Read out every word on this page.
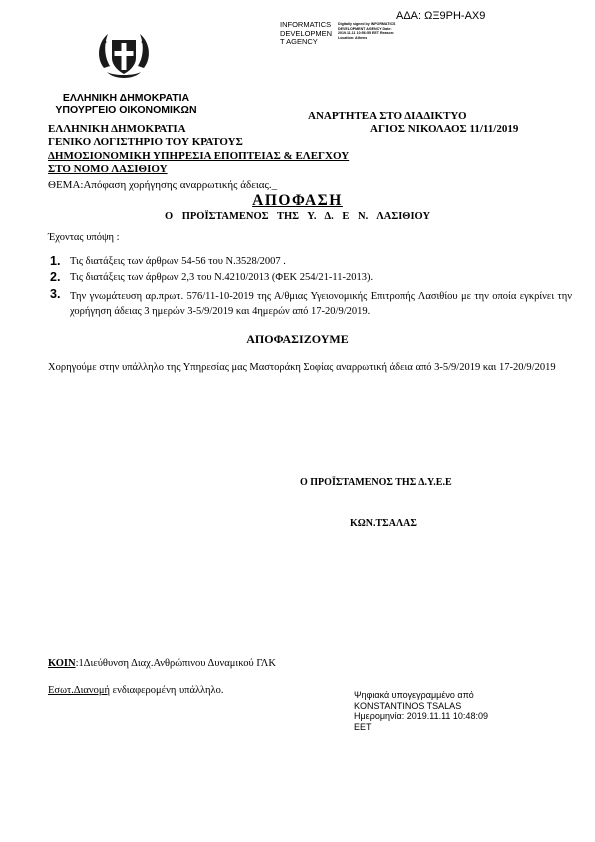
ΑΔΑ: ΩΞ9ΡΗ-ΑΧ9
INFORMATICS
DEVELOPMEN
T AGENCY
Digitally signed by INFORMATICS DEVELOPMENT AGENCY Date: 2019.11.11 10:56:55 EET Reason: Location: Athens
ΕΛΛΗΝΙΚΗ ΔΗΜΟΚΡΑΤΙΑ
ΥΠΟΥΡΓΕΙΟ ΟΙΚΟΝΟΜΙΚΩΝ	ΑΝΑΡΤΗΤΕΑ ΣΤΟ ΔΙΑΔΙΚΤΥΟ
ΑΓΙΟΣ ΝΙΚΟΛΑΟΣ 11/11/2019
ΕΛΛΗΝΙΚΗ ΔΗΜΟΚΡΑΤΙΑ
ΓΕΝΙΚΟ ΛΟΓΙΣΤΗΡΙΟ ΤΟΥ ΚΡΑΤΟΥΣ
ΔΗΜΟΣΙΟΝΟΜΙΚΗ ΥΠΗΡΕΣΙΑ ΕΠΟΠΤΕΙΑΣ & ΕΛΕΓΧΟΥ
ΣΤΟ ΝΟΜΟ ΛΑΣΙΘΙΟΥ
ΘΕΜΑ:Απόφαση χορήγησης αναρρωτικής άδειας._
ΑΠΟΦΑΣΗ
Ο ΠΡΟΪΣΤΑΜΕΝΟΣ ΤΗΣ Υ. Δ. Ε Ν. ΛΑΣΙΘΙΟΥ
Έχοντας υπόψη :
1. Τις διατάξεις των άρθρων 54-56 του Ν.3528/2007 .
2. Τις διατάξεις των άρθρων 2,3 του Ν.4210/2013 (ΦΕΚ 254/21-11-2013).
3. Την γνωμάτευση αρ.πρωτ. 576/11-10-2019 της Α/θμιας Υγειονομικής Επιτροπής Λασιθίου με την οποία εγκρίνει την χορήγηση άδειας 3 ημερών 3-5/9/2019 και 4ημερών από 17-20/9/2019.
ΑΠΟΦΑΣΙΖΟΥΜΕ
Χορηγούμε στην υπάλληλο της Υπηρεσίας μας Μαστοράκη Σοφίας αναρρωτική άδεια από 3-5/9/2019 και 17-20/9/2019
Ο ΠΡΟΪΣΤΑΜΕΝΟΣ ΤΗΣ Δ.Υ.Ε.Ε
ΚΩΝ.ΤΣΑΛΑΣ
ΚΟΙΝ:1Διεύθυνση Διαχ.Ανθρώπινου Δυναμικού ΓΛΚ
Εσωτ.Διανομή ενδιαφερομένη υπάλληλο.	Ψηφιακά υπογεγραμμένο από
KONSTANTINOS TSALAS
Ημερομηνία: 2019.11.11 10:48:09
EET
